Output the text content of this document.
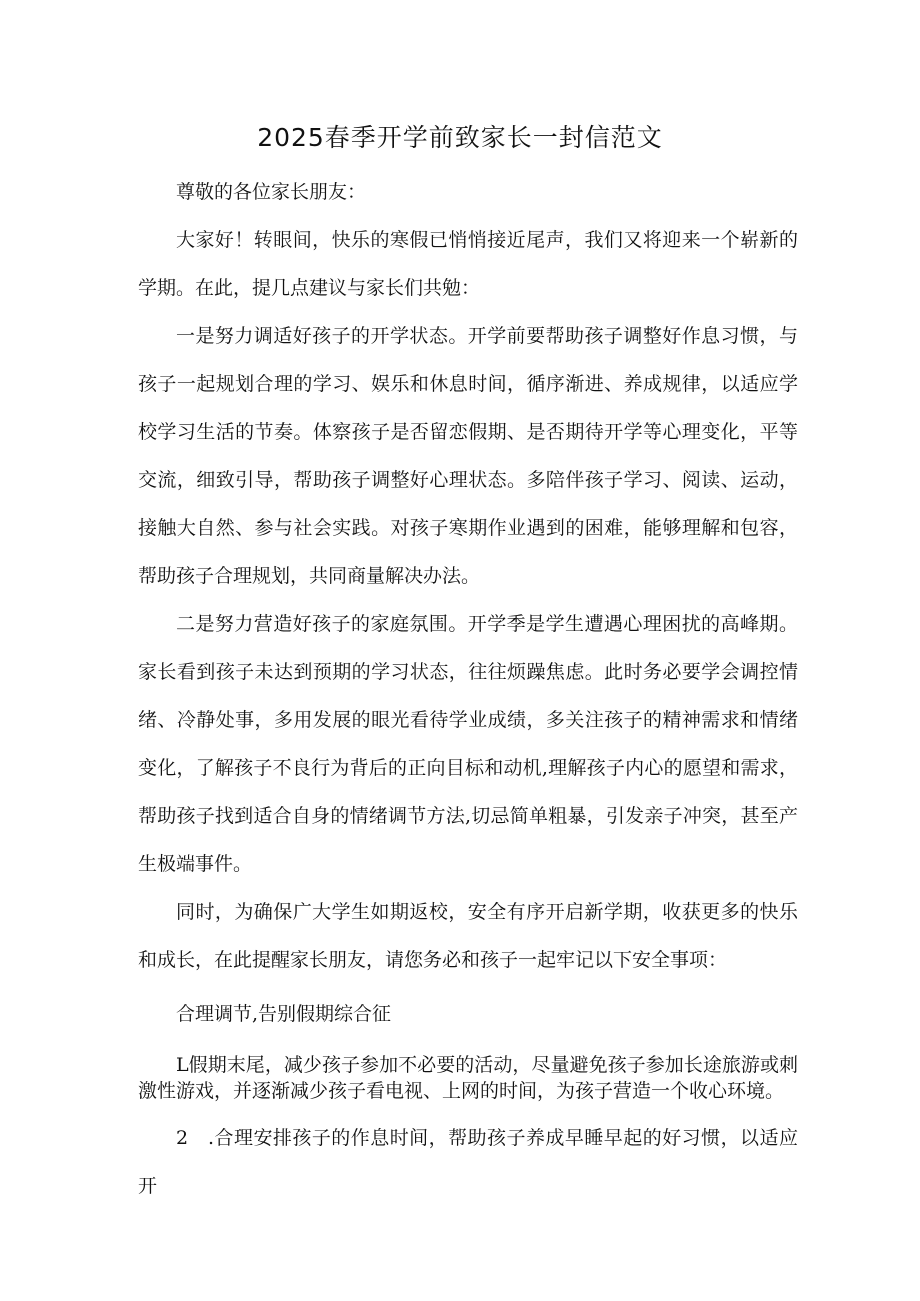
2025春季开学前致家长一封信范文

尊敬的各位家长朋友：

大家好！转眼间，快乐的寒假已悄悄接近尾声，我们又将迎来一个崭新的学期。在此，提几点建议与家长们共勉：

一是努力调适好孩子的开学状态。开学前要帮助孩子调整好作息习惯，与孩子一起规划合理的学习、娱乐和休息时间，循序渐进、养成规律，以适应学校学习生活的节奏。体察孩子是否留恋假期、是否期待开学等心理变化，平等交流，细致引导，帮助孩子调整好心理状态。多陪伴孩子学习、阅读、运动，接触大自然、参与社会实践。对孩子寒期作业遇到的困难，能够理解和包容，帮助孩子合理规划，共同商量解决办法。

二是努力营造好孩子的家庭氛围。开学季是学生遭遇心理困扰的高峰期。家长看到孩子未达到预期的学习状态，往往烦躁焦虑。此时务必要学会调控情绪、冷静处事，多用发展的眼光看待学业成绩，多关注孩子的精神需求和情绪变化，了解孩子不良行为背后的正向目标和动机,理解孩子内心的愿望和需求，帮助孩子找到适合自身的情绪调节方法,切忌简单粗暴，引发亲子冲突，甚至产生极端事件。

同时，为确保广大学生如期返校，安全有序开启新学期，收获更多的快乐和成长，在此提醒家长朋友，请您务必和孩子一起牢记以下安全事项：

合理调节,告别假期综合征

L假期末尾，减少孩子参加不必要的活动，尽量避免孩子参加长途旅游或刺激性游戏，并逐渐减少孩子看电视、上网的时间，为孩子营造一个收心环境。

2　.合理安排孩子的作息时间，帮助孩子养成早睡早起的好习惯，以适应开
